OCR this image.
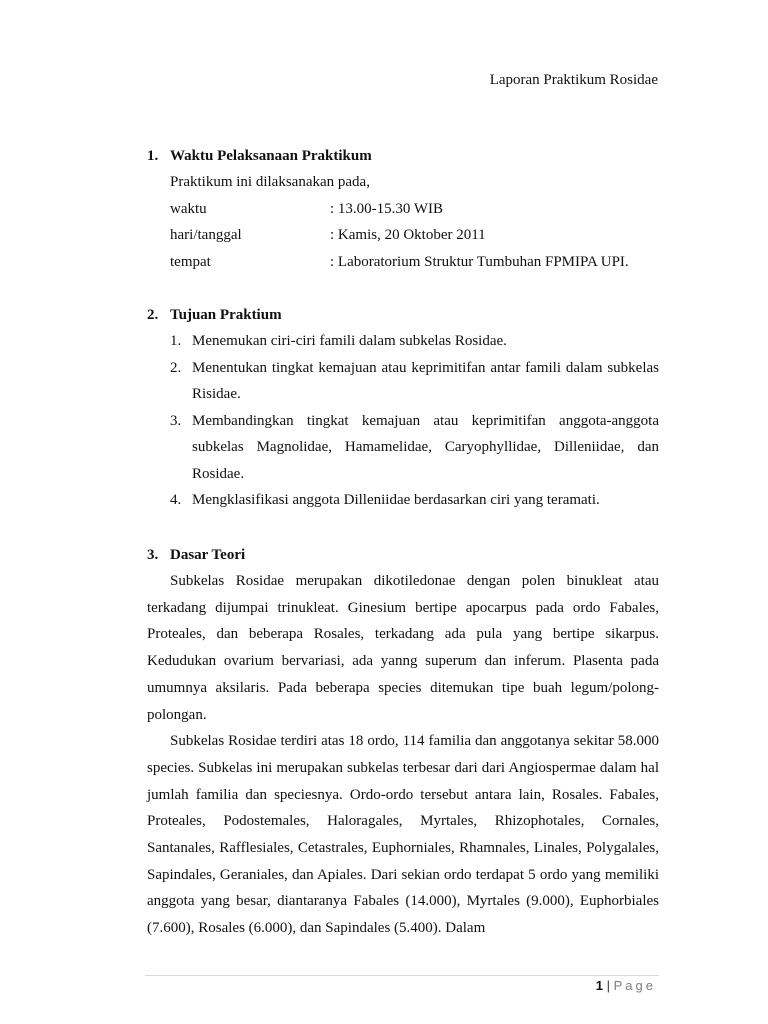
Laporan Praktikum Rosidae
1. Waktu Pelaksanaan Praktikum
Praktikum ini dilaksanakan pada,
waktu	: 13.00-15.30 WIB
hari/tanggal	: Kamis, 20 Oktober 2011
tempat	: Laboratorium Struktur Tumbuhan FPMIPA UPI.
2. Tujuan Praktium
1. Menemukan ciri-ciri famili dalam subkelas Rosidae.
2. Menentukan tingkat kemajuan atau keprimitifan antar famili dalam subkelas Risidae.
3. Membandingkan tingkat kemajuan atau keprimitifan anggota-anggota subkelas Magnolidae, Hamamelidae, Caryophyllidae, Dilleniidae, dan Rosidae.
4. Mengklasifikasi anggota Dilleniidae berdasarkan ciri yang teramati.
3. Dasar Teori

Subkelas Rosidae merupakan dikotiledonae dengan polen binukleat atau terkadang dijumpai trinukleat. Ginesium bertipe apocarpus pada ordo Fabales, Proteales, dan beberapa Rosales, terkadang ada pula yang bertipe sikarpus. Kedudukan ovarium bervariasi, ada yanng superum dan inferum. Plasenta pada umumnya aksilaris. Pada beberapa species ditemukan tipe buah legum/polong-polongan.

Subkelas Rosidae terdiri atas 18 ordo, 114 familia dan anggotanya sekitar 58.000 species. Subkelas ini merupakan subkelas terbesar dari dari Angiospermae dalam hal jumlah familia dan speciesnya. Ordo-ordo tersebut antara lain, Rosales. Fabales, Proteales, Podostemales, Haloragales, Myrtales, Rhizophotales, Cornales, Santanales, Rafflesiales, Cetastrales, Euphorniales, Rhamnales, Linales, Polygalales, Sapindales, Geraniales, dan Apiales. Dari sekian ordo terdapat 5 ordo yang memiliki anggota yang besar, diantaranya Fabales (14.000), Myrtales (9.000), Euphorbiales (7.600), Rosales (6.000), dan Sapindales (5.400). Dalam

1 | Page
